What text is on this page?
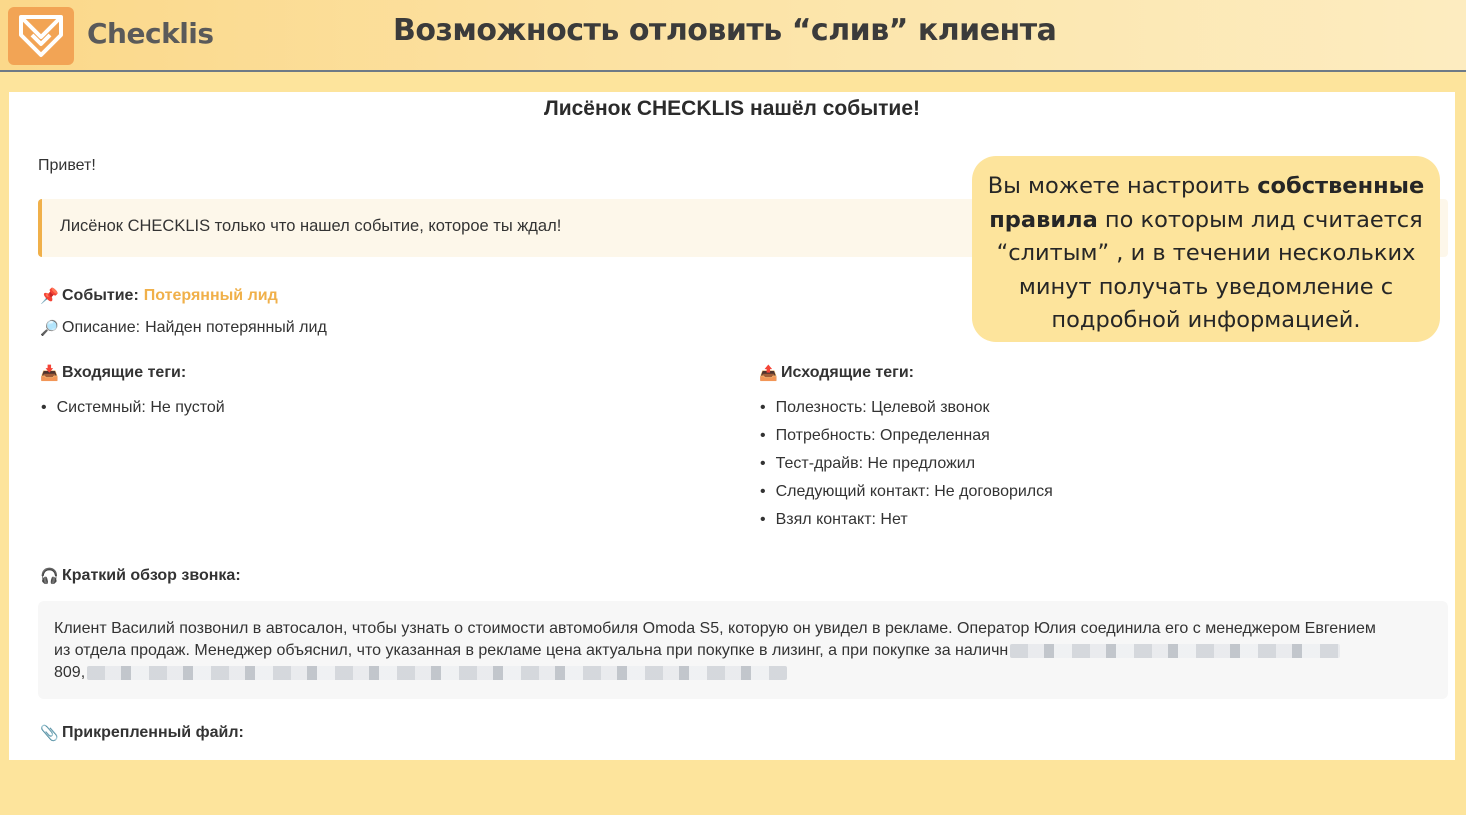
Checklis	Возможность отловить “слив” клиента
Лисёнок CHECKLIS нашёл событие!
Привет!
Лисёнок CHECKLIS только что нашел событие, которое ты ждал!
📌 Событие: Потерянный лид
🔎 Описание: Найден потерянный лид
📥 Входящие теги:
• Системный: Не пустой
📤 Исходящие теги:
• Полезность: Целевой звонок
• Потребность: Определенная
• Тест-драйв: Не предложил
• Следующий контакт: Не договорился
• Взял контакт: Нет
🎧 Краткий обзор звонка:
Клиент Василий позвонил в автосалон, чтобы узнать о стоимости автомобиля Omoda S5, которую он увидел в рекламе. Оператор Юлия соединила его с менеджером Евгением
из отдела продаж. Менеджер объяснил, что указанная в рекламе цена актуальна при покупке в лизинг, а при покупке за наличн
809,
📎 Прикрепленный файл:

Вы можете настроить собственные правила по которым лид считается “слитым” , и в течении нескольких минут получать уведомление с подробной информацией.
